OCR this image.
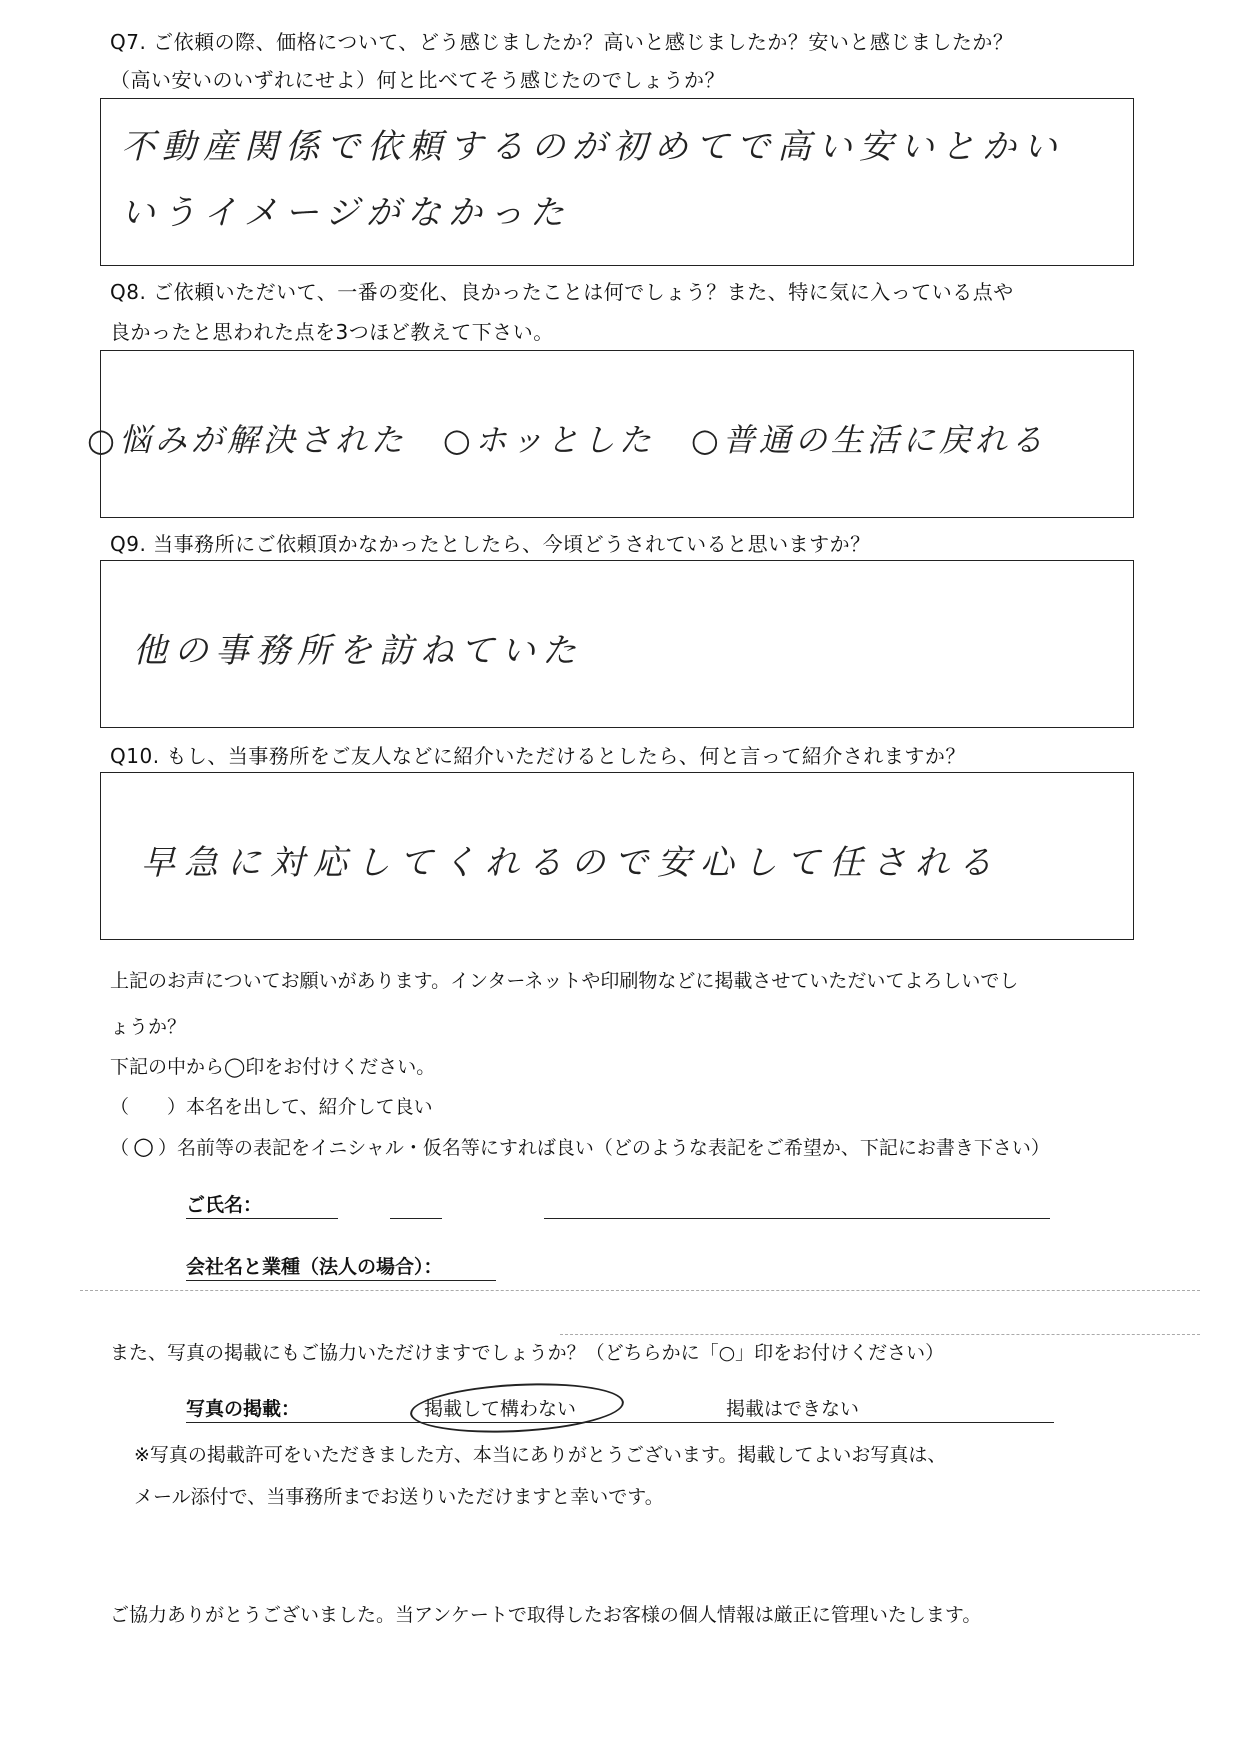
Q7. ご依頼の際、価格について、どう感じましたか？高いと感じましたか？安いと感じましたか？
（高い安いのいずれにせよ）何と比べてそう感じたのでしょうか？
不動産関係で依頼するのが初めてで高い安いとかい
いうイメージがなかった
Q8. ご依頼いただいて、一番の変化、良かったことは何でしょう？また、特に気に入っている点や
良かったと思われた点を3つほど教えて下さい。
○悩みが解決された　○ホッとした　○普通の生活に戻れる
Q9. 当事務所にご依頼頂かなかったとしたら、今頃どうされていると思いますか？
他の事務所を訪ねていた
Q10. もし、当事務所をご友人などに紹介いただけるとしたら、何と言って紹介されますか？
早急に対応してくれるので安心して任される
上記のお声についてお願いがあります。インターネットや印刷物などに掲載させていただいてよろしいでし
ょうか？
下記の中から◯印をお付けください。
（　　）本名を出して、紹介して良い
（ ○ ）名前等の表記をイニシャル・仮名等にすれば良い（どのような表記をご希望か、下記にお書き下さい）
ご氏名：
会社名と業種（法人の場合）：
また、写真の掲載にもご協力いただけますでしょうか？（どちらかに「○」印をお付けください）
写真の掲載：	掲載して構わない	掲載はできない
※写真の掲載許可をいただきました方、本当にありがとうございます。掲載してよいお写真は、
メール添付で、当事務所までお送りいただけますと幸いです。
ご協力ありがとうございました。当アンケートで取得したお客様の個人情報は厳正に管理いたします。
